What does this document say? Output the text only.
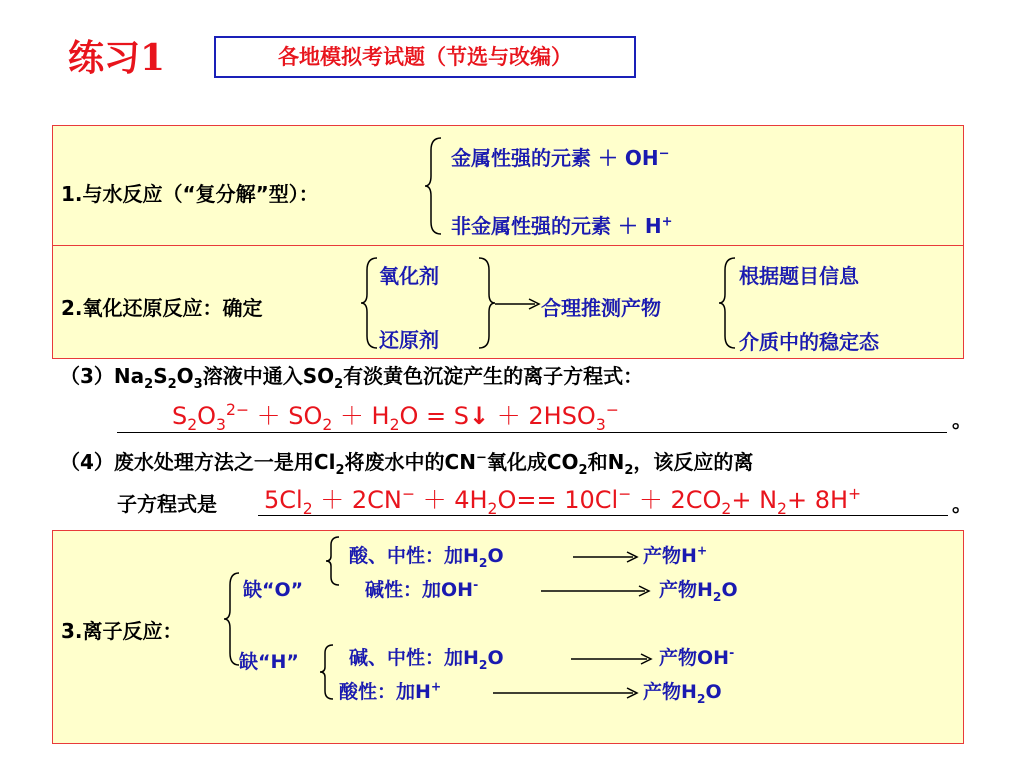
练习1	各地模拟考试题（节选与改编）
$(3)Na_2S_2O_3$溶液中通入$SO_2$有淡黄色沉淀产生的离子方程式：
$S_2O_3^{2-} + SO_2 + H_2O$ = S↓ ＋ $2HSO_3^-$	。
（4）废水处理方法之一是用$Cl_2$将废水中的CN−氧化成$CO_2$和$N_2$，该反应的离
子方程式是 $5Cl_2 + 2CN^- + 4H_2O== 10Cl^- + 2CO_2+ N_2+ 8H^+$	。
1.与水反应（“复分解”型）：
金属性强的元素 ＋ OH−
非金属性强的元素 ＋ H+
2.氧化还原反应：确定
氧化剂
还原剂
合理推测产物
根据题目信息
介质中的稳定态
3.离子反应：
缺“O”
缺“H”
酸、中性：加$H_2O$	产物H+
碱性：加OH-	产物$H_2O$
碱、中性：加$H_2O$	产物OH-
酸性：加H+	产物$H_2O$
